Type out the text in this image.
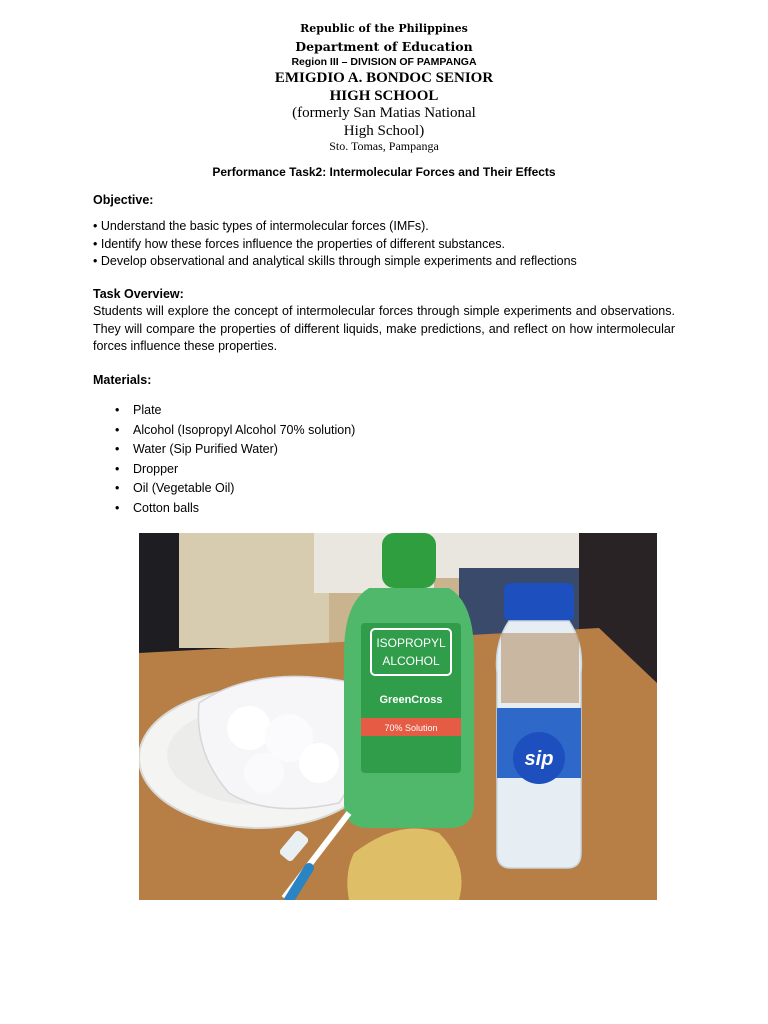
Republic of the Philippines
Department of Education
Region III – DIVISION OF PAMPANGA
EMIGDIO A. BONDOC SENIOR
HIGH SCHOOL
(formerly San Matias National
High School)
Sto. Tomas, Pampanga
Performance Task2: Intermolecular Forces and Their Effects
Objective:
• Understand the basic types of intermolecular forces (IMFs).
• Identify how these forces influence the properties of different substances.
• Develop observational and analytical skills through simple experiments and reflections
Task Overview:

Students will explore the concept of intermolecular forces through simple experiments and observations. They will compare the properties of different liquids, make predictions, and reflect on how intermolecular forces influence these properties.

Materials:
• Plate
• Alcohol (Isopropyl Alcohol 70% solution)
• Water (Sip Purified Water)
• Dropper
• Oil (Vegetable Oil)
• Cotton balls
ISOPROPYL
ALCOHOL
GreenCross
70% Solution
sip
